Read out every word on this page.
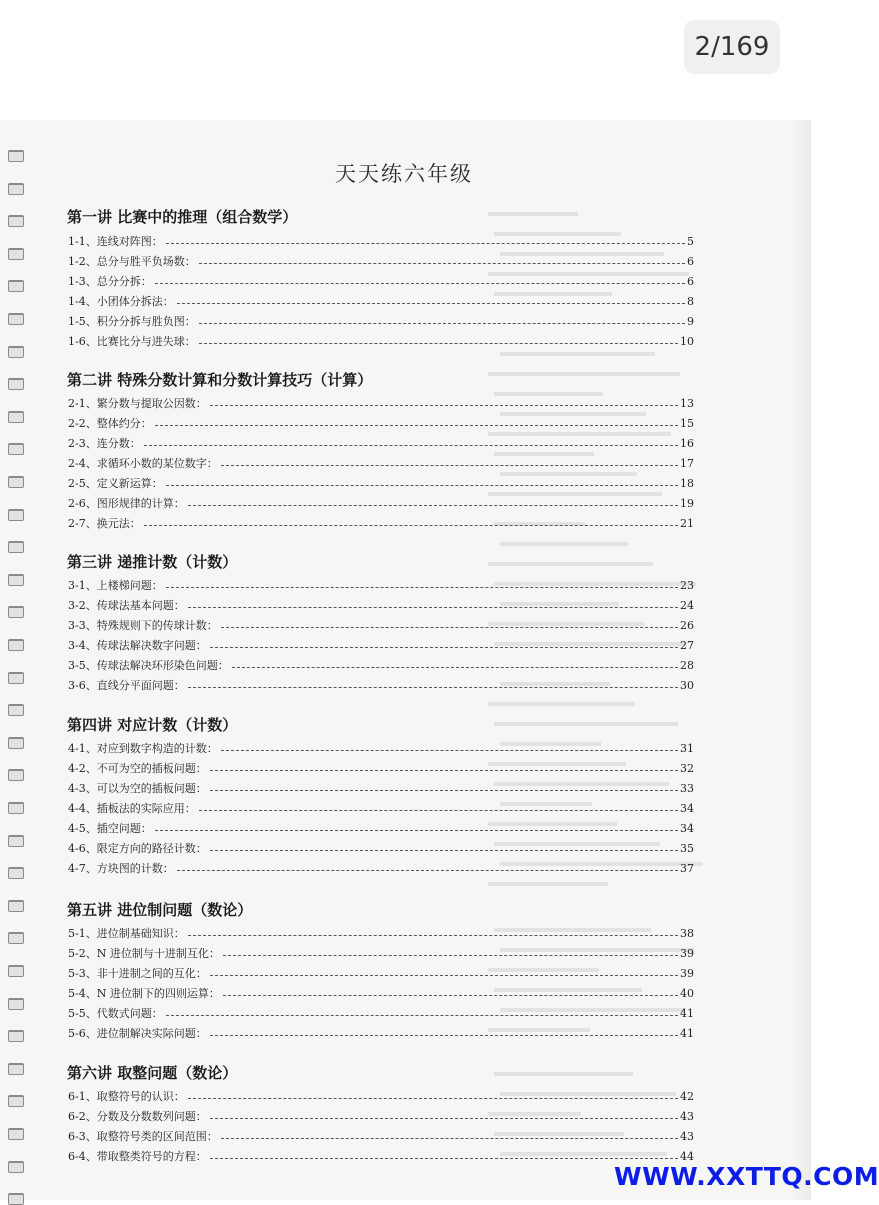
2/169
天天练六年级
第一讲 比赛中的推理（组合数学）
1-1、连线对阵图：	5
1-2、总分与胜平负场数：	6
1-3、总分分拆：	6
1-4、小团体分拆法：	8
1-5、积分分拆与胜负图：	9
1-6、比赛比分与进失球：	10
第二讲 特殊分数计算和分数计算技巧（计算）
2-1、繁分数与提取公因数：	13
2-2、整体约分：	15
2-3、连分数：	16
2-4、求循环小数的某位数字：	17
2-5、定义新运算：	18
2-6、图形规律的计算：	19
2-7、换元法：	21
第三讲 递推计数（计数）
3-1、上楼梯问题：	23
3-2、传球法基本问题：	24
3-3、特殊规则下的传球计数：	26
3-4、传球法解决数字问题：	27
3-5、传球法解决环形染色问题：	28
3-6、直线分平面问题：	30
第四讲 对应计数（计数）
4-1、对应到数字构造的计数：	31
4-2、不可为空的插板问题：	32
4-3、可以为空的插板问题：	33
4-4、插板法的实际应用：	34
4-5、插空问题：	34
4-6、限定方向的路径计数：	35
4-7、方块图的计数：	37
第五讲 进位制问题（数论）
5-1、进位制基础知识：	38
5-2、N 进位制与十进制互化：	39
5-3、非十进制之间的互化：	39
5-4、N 进位制下的四则运算：	40
5-5、代数式问题：	41
5-6、进位制解决实际问题：	41
第六讲 取整问题（数论）
6-1、取整符号的认识：	42
6-2、分数及分数数列问题：	43
6-3、取整符号类的区间范围：	43
6-4、带取整类符号的方程：	44
WWW.XXTTQ.COM
